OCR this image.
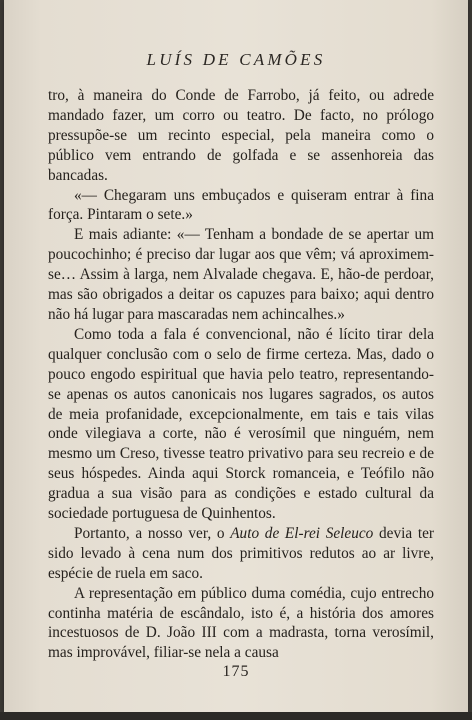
LUÍS DE CAMÕES

tro, à maneira do Conde de Farrobo, já feito, ou adrede mandado fazer, um corro ou teatro. De facto, no prólogo pressupõe-se um recinto especial, pela maneira como o público vem entrando de golfada e se assenhoreia das bancadas.

«— Chegaram uns embuçados e quiseram entrar à fina força. Pintaram o sete.»

E mais adiante: «— Tenham a bondade de se apertar um poucochinho; é preciso dar lugar aos que vêm; vá aproximem-se… Assim à larga, nem Alvalade chegava. E, hão-de perdoar, mas são obrigados a deitar os capuzes para baixo; aqui dentro não há lugar para mascaradas nem achincalhes.»

Como toda a fala é convencional, não é lícito tirar dela qualquer conclusão com o selo de firme certeza. Mas, dado o pouco engodo espiritual que havia pelo teatro, representando-se apenas os autos canonicais nos lugares sagrados, os autos de meia profanidade, excepcionalmente, em tais e tais vilas onde vilegiava a corte, não é verosímil que ninguém, nem mesmo um Creso, tivesse teatro privativo para seu recreio e de seus hóspedes. Ainda aqui Storck romanceia, e Teófilo não gradua a sua visão para as condições e estado cultural da sociedade portuguesa de Quinhentos.

Portanto, a nosso ver, o Auto de El-rei Seleuco devia ter sido levado à cena num dos primitivos redutos ao ar livre, espécie de ruela em saco.

A representação em público duma comédia, cujo entrecho continha matéria de escândalo, isto é, a história dos amores incestuosos de D. João III com a madrasta, torna verosímil, mas improvável, filiar-se nela a causa

175
